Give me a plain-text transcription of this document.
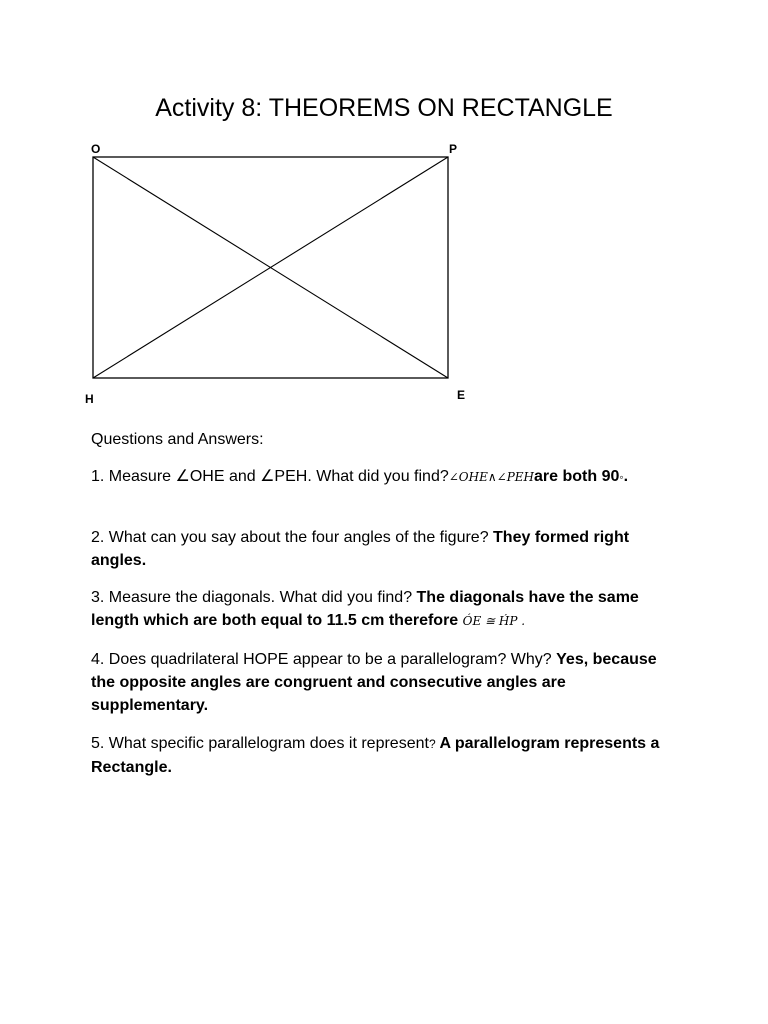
Activity 8: THEOREMS ON RECTANGLE
O	P
H	E

Questions and Answers:

1. Measure ∠OHE and ∠PEH. What did you find?∠OHE∧∠PEHare both 90◦.

2. What can you say about the four angles of the figure? They formed right angles.

3. Measure the diagonals. What did you find? The diagonals have the same length which are both equal to 11.5 cm therefore ÓE ≅ H́P .

4. Does quadrilateral HOPE appear to be a parallelogram? Why? Yes, because the opposite angles are congruent and consecutive angles are supplementary.

5. What specific parallelogram does it represent? A parallelogram represents a Rectangle.
